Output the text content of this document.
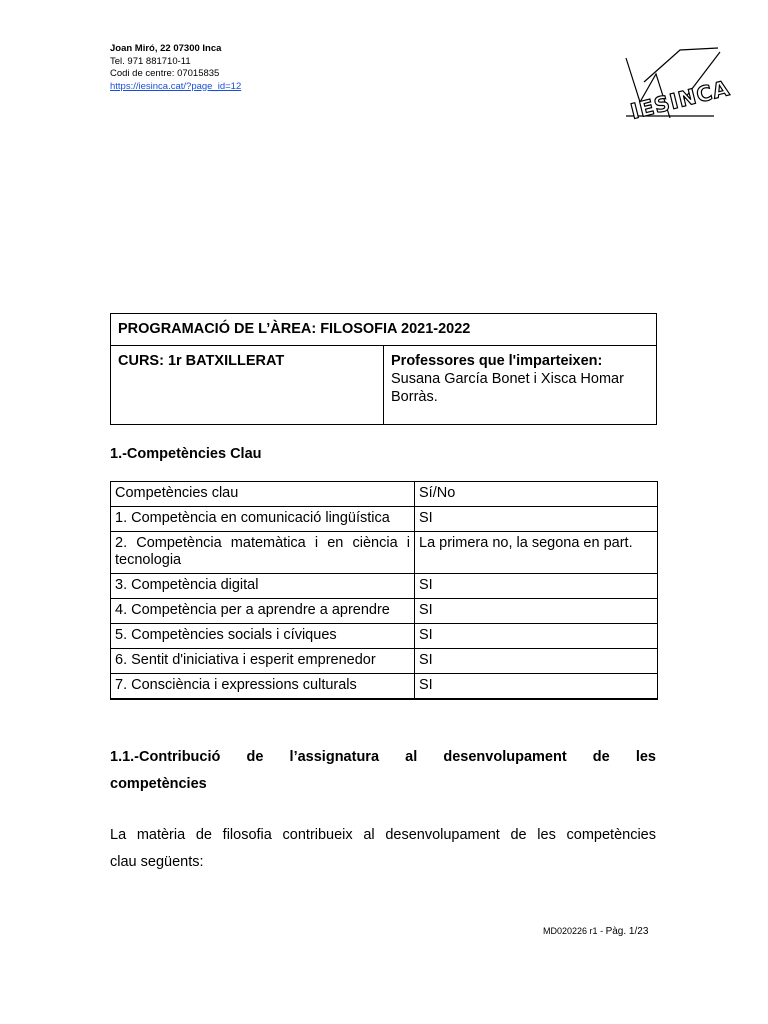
Joan Miró, 22 07300 Inca
Tel. 971 881710-11
Codi de centre: 07015835
https://iesinca.cat/?page_id=12	IESINCA
PROGRAMACIÓ DE L’ÀREA: FILOSOFIA 2021-2022
CURS: 1r BATXILLERAT	Professores que l'imparteixen:
Susana García Bonet i Xisca Homar Borràs.
1.-Competències Clau
Competències clau	Sí/No
1. Competència en comunicació lingüística	SI
2. Competència matemàtica i en ciència i tecnologia	La primera no, la segona en part.
3. Competència digital	SI
4. Competència per a aprendre a aprendre	SI
5. Competències socials i cíviques	SI
6. Sentit d'iniciativa i esperit emprenedor	SI
7. Consciència i expressions culturals	SI
1.1.-Contribució de l’assignatura al desenvolupament de les
competències
La matèria de filosofia contribueix al desenvolupament de les competències
clau següents:
MD020226 r1 - Pàg. 1/23
